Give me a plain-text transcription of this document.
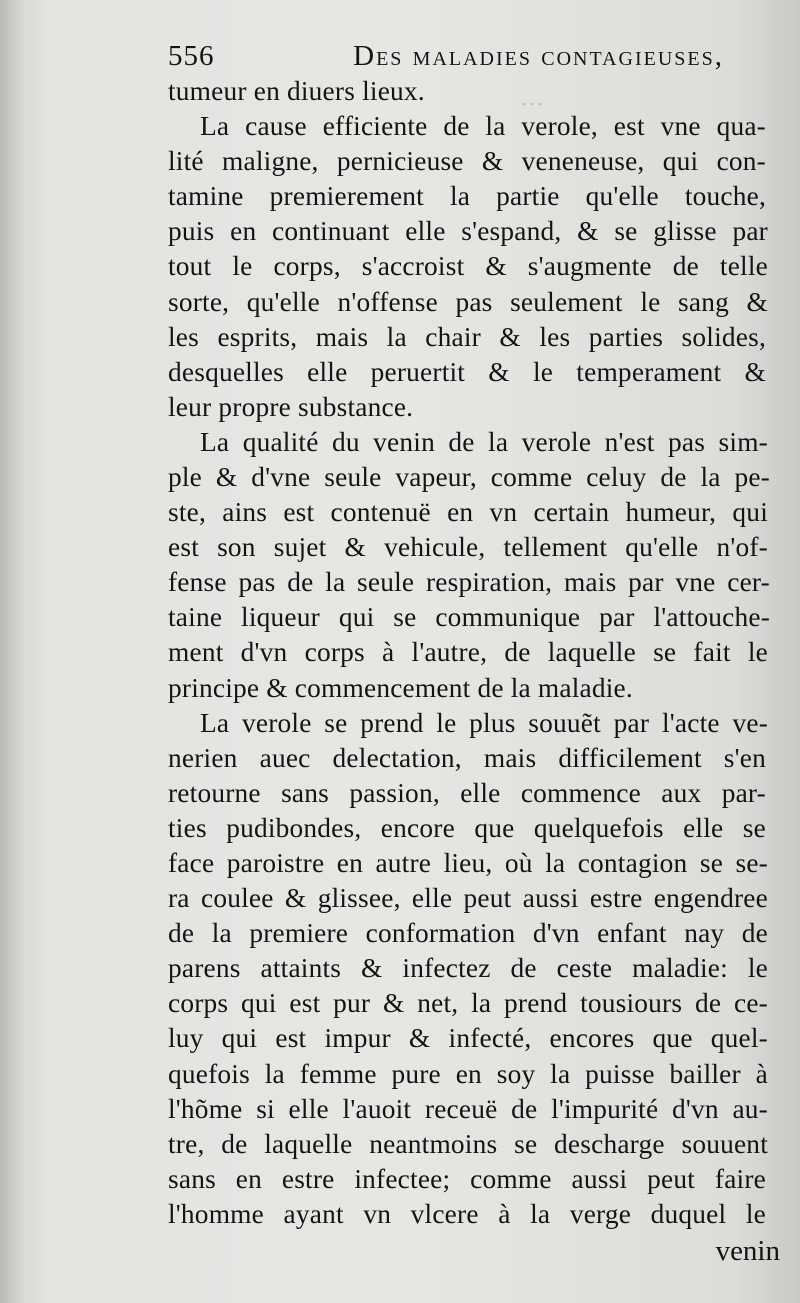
···
556	Des maladies contagieuses,
tumeur en diuers lieux.
La cause efficiente de la verole, est vne qua-
lité maligne, pernicieuse & veneneuse, qui con-
tamine premierement la partie qu'elle touche,
puis en continuant elle s'espand, & se glisse par
tout le corps, s'accroist & s'augmente de telle
sorte, qu'elle n'offense pas seulement le sang &
les esprits, mais la chair & les parties solides,
desquelles elle peruertit & le temperament &
leur propre substance.
La qualité du venin de la verole n'est pas sim-
ple & d'vne seule vapeur, comme celuy de la pe-
ste, ains est contenuë en vn certain humeur, qui
est son sujet & vehicule, tellement qu'elle n'of-
fense pas de la seule respiration, mais par vne cer-
taine liqueur qui se communique par l'attouche-
ment d'vn corps à l'autre, de laquelle se fait le
principe & commencement de la maladie.
La verole se prend le plus souuẽt par l'acte ve-
nerien auec delectation, mais difficilement s'en
retourne sans passion, elle commence aux par-
ties pudibondes, encore que quelquefois elle se
face paroistre en autre lieu, où la contagion se se-
ra coulee & glissee, elle peut aussi estre engendree
de la premiere conformation d'vn enfant nay de
parens attaints & infectez de ceste maladie: le
corps qui est pur & net, la prend tousiours de ce-
luy qui est impur & infecté, encores que quel-
quefois la femme pure en soy la puisse bailler à
l'hõme si elle l'auoit receuë de l'impurité d'vn au-
tre, de laquelle neantmoins se descharge souuent
sans en estre infectee; comme aussi peut faire
l'homme ayant vn vlcere à la verge duquel le
venin
